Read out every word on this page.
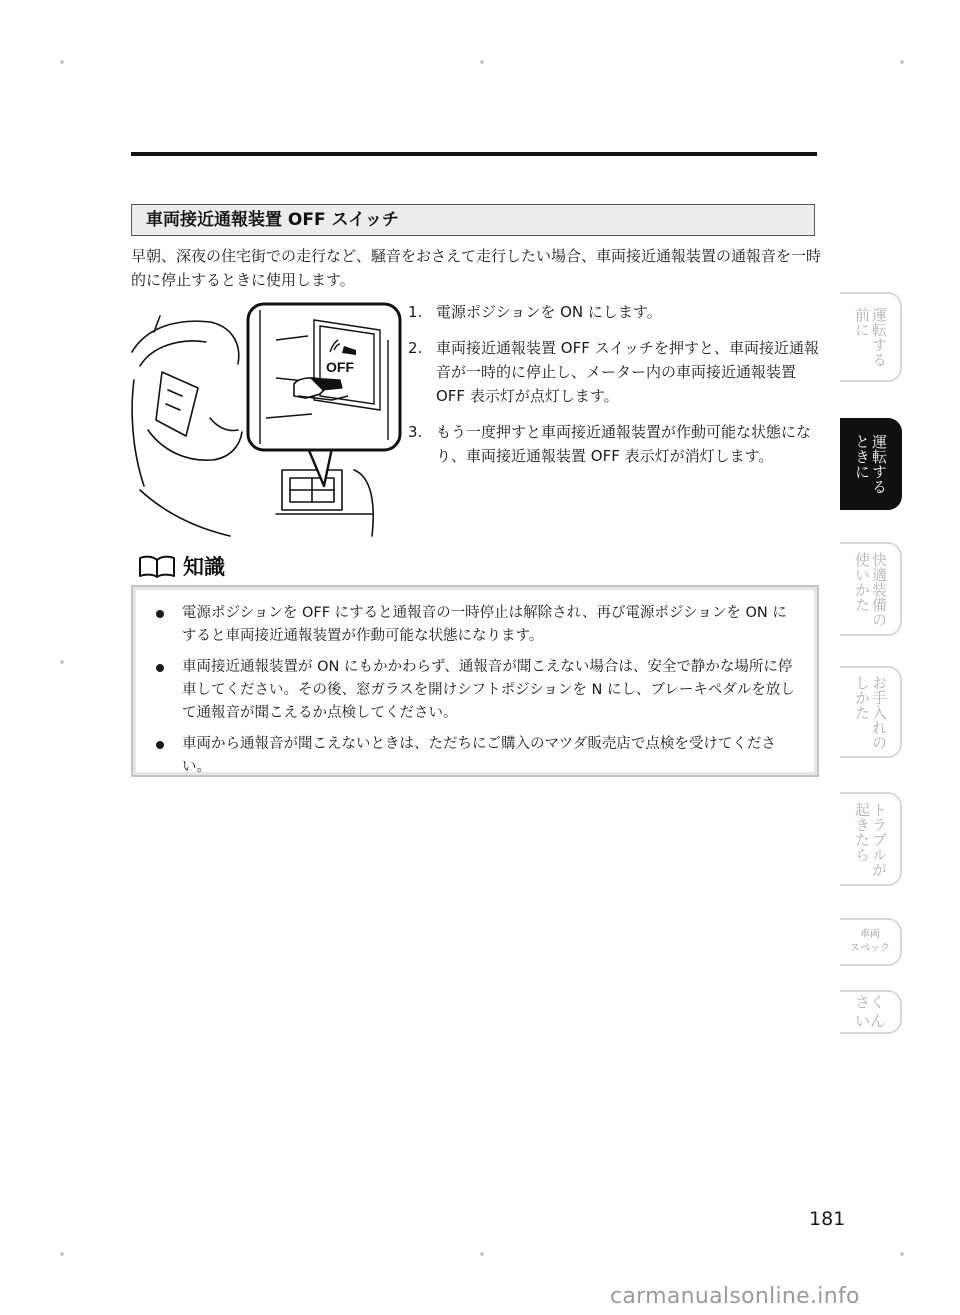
車両接近通報装置 OFF スイッチ
早朝、深夜の住宅街での走行など、騒音をおさえて走行したい場合、車両接近通報装置の通報音を一時的に停止するときに使用します。
OFF
1. 電源ポジションを ON にします。
2. 車両接近通報装置 OFF スイッチを押すと、車両接近通報音が一時的に停止し、メーター内の車両接近通報装置 OFF 表示灯が点灯します。
3. もう一度押すと車両接近通報装置が作動可能な状態になり、車両接近通報装置 OFF 表示灯が消灯します。
知識
電源ポジションを OFF にすると通報音の一時停止は解除され、再び電源ポジションを ON にすると車両接近通報装置が作動可能な状態になります。
車両接近通報装置が ON にもかかわらず、通報音が聞こえない場合は、安全で静かな場所に停車してください。その後、窓ガラスを開けシフトポジションを N にし、ブレーキペダルを放して通報音が聞こえるか点検してください。
車両から通報音が聞こえないときは、ただちにご購入のマツダ販売店で点検を受けてください。
運転する
前に
運転する
ときに
快適装備の
使いかた
お手入れの
しかた
トラブルが
起きたら
車両
スペック
さく
いん
181
carmanualsonline.info
